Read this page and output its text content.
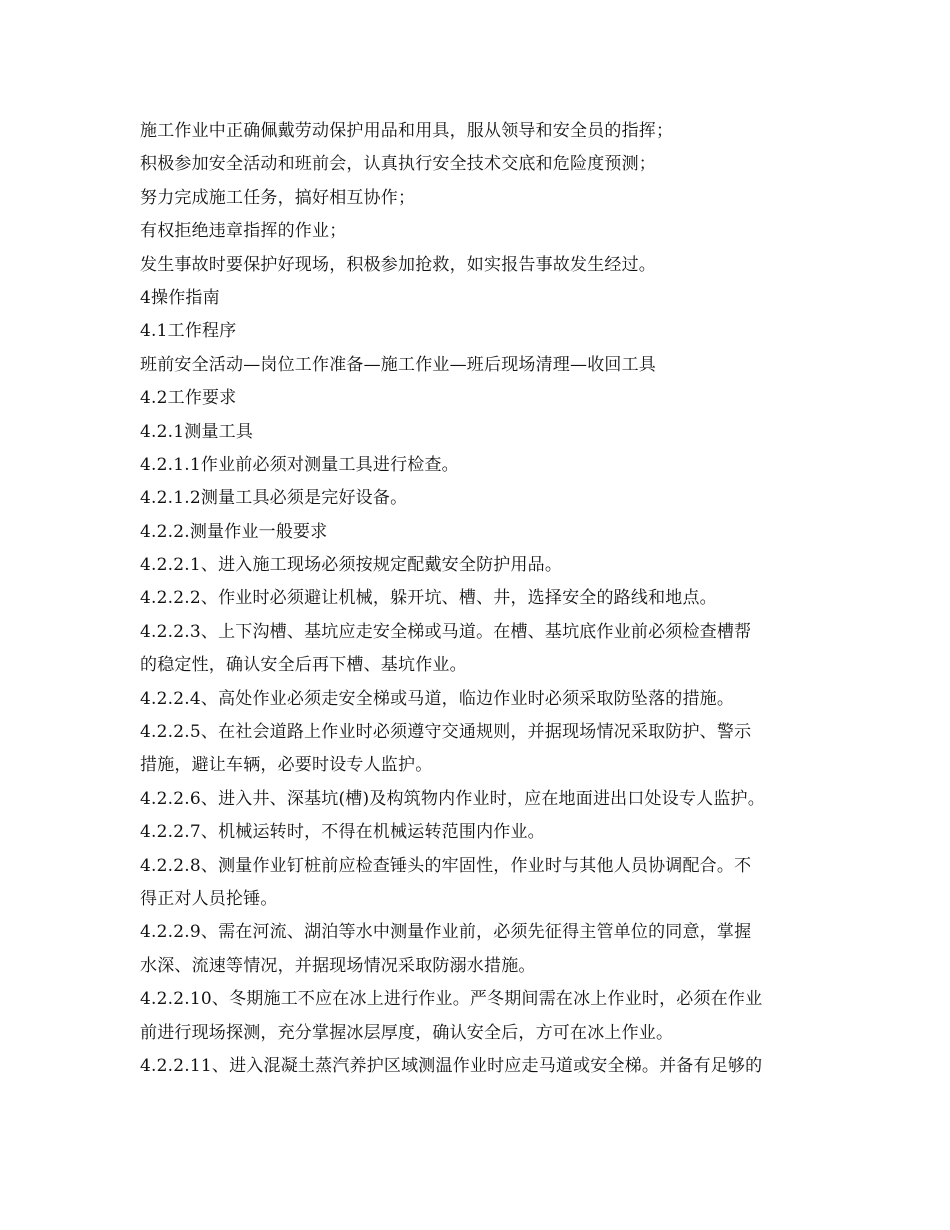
施工作业中正确佩戴劳动保护用品和用具，服从领导和安全员的指挥；
积极参加安全活动和班前会，认真执行安全技术交底和危险度预测；
努力完成施工任务，搞好相互协作；
有权拒绝违章指挥的作业；
发生事故时要保护好现场，积极参加抢救，如实报告事故发生经过。
4操作指南
4.1工作程序
班前安全活动—岗位工作准备—施工作业—班后现场清理—收回工具
4.2工作要求
4.2.1测量工具
4.2.1.1作业前必须对测量工具进行检查。
4.2.1.2测量工具必须是完好设备。
4.2.2.测量作业一般要求
4.2.2.1、进入施工现场必须按规定配戴安全防护用品。
4.2.2.2、作业时必须避让机械，躲开坑、槽、井，选择安全的路线和地点。
4.2.2.3、上下沟槽、基坑应走安全梯或马道。在槽、基坑底作业前必须检查槽帮
的稳定性，确认安全后再下槽、基坑作业。
4.2.2.4、高处作业必须走安全梯或马道，临边作业时必须采取防坠落的措施。
4.2.2.5、在社会道路上作业时必须遵守交通规则，并据现场情况采取防护、警示
措施，避让车辆，必要时设专人监护。
4.2.2.6、进入井、深基坑(槽)及构筑物内作业时，应在地面进出口处设专人监护。
4.2.2.7、机械运转时，不得在机械运转范围内作业。
4.2.2.8、测量作业钉桩前应检查锤头的牢固性，作业时与其他人员协调配合。不
得正对人员抡锤。
4.2.2.9、需在河流、湖泊等水中测量作业前，必须先征得主管单位的同意，掌握
水深、流速等情况，并据现场情况采取防溺水措施。
4.2.2.10、冬期施工不应在冰上进行作业。严冬期间需在冰上作业时，必须在作业
前进行现场探测，充分掌握冰层厚度，确认安全后，方可在冰上作业。
4.2.2.11、进入混凝土蒸汽养护区域测温作业时应走马道或安全梯。并备有足够的
